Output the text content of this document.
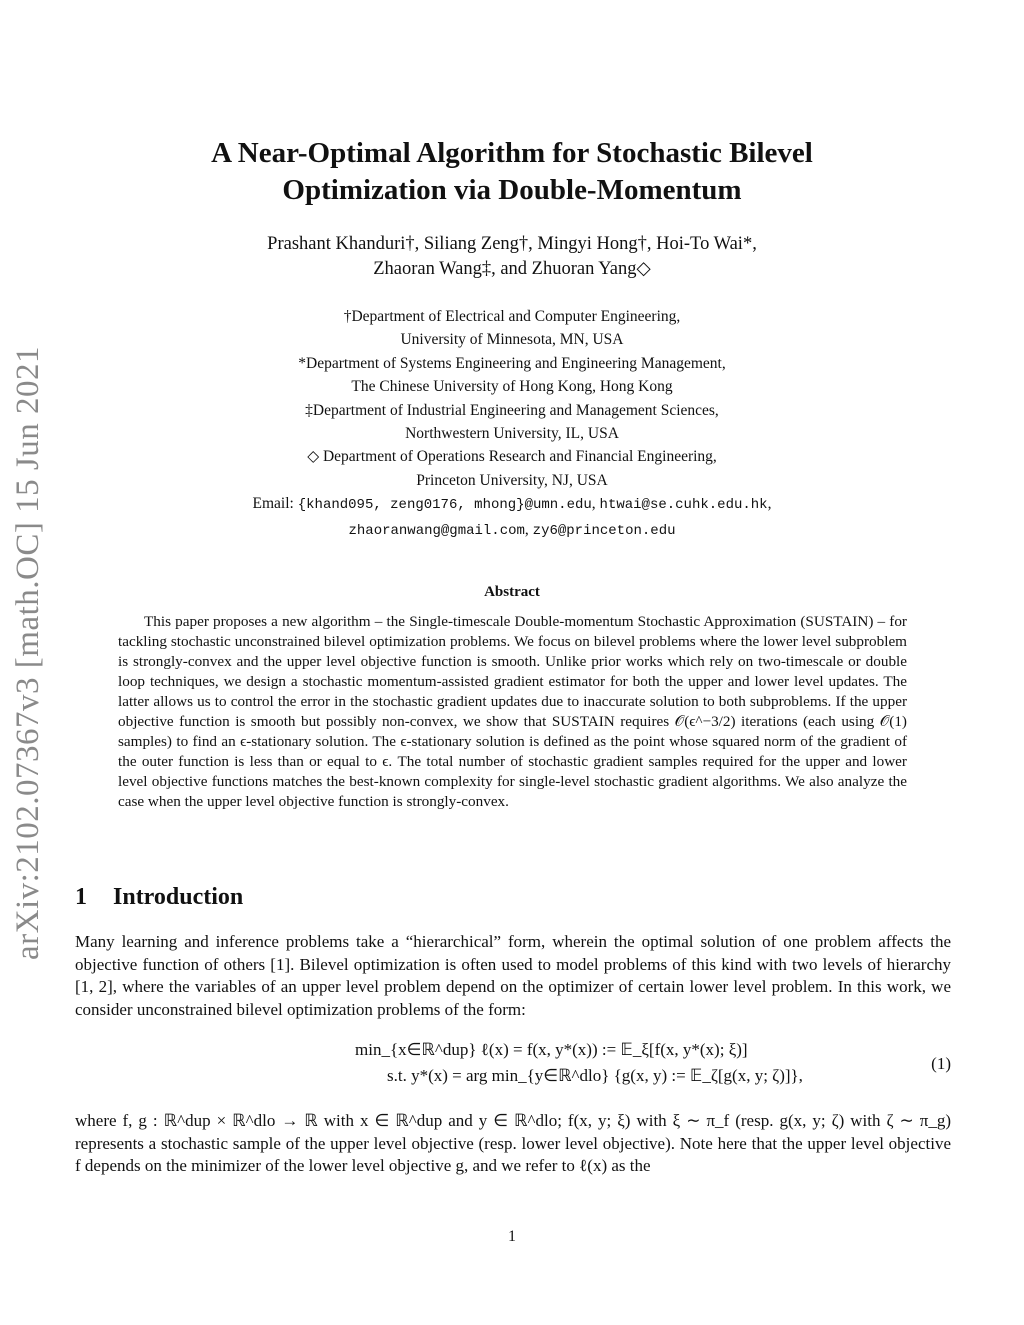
arXiv:2102.07367v3 [math.OC] 15 Jun 2021
A Near-Optimal Algorithm for Stochastic Bilevel
Optimization via Double-Momentum
Prashant Khanduri†, Siliang Zeng†, Mingyi Hong†, Hoi-To Wai*,
Zhaoran Wang‡, and Zhuoran Yang◇
†Department of Electrical and Computer Engineering,
University of Minnesota, MN, USA
*Department of Systems Engineering and Engineering Management,
The Chinese University of Hong Kong, Hong Kong
‡Department of Industrial Engineering and Management Sciences,
Northwestern University, IL, USA
◇ Department of Operations Research and Financial Engineering,
Princeton University, NJ, USA
Email: {khand095, zeng0176, mhong}@umn.edu, htwai@se.cuhk.edu.hk,
zhaoranwang@gmail.com, zy6@princeton.edu
Abstract

This paper proposes a new algorithm – the Single-timescale Double-momentum Stochastic Approximation (SUSTAIN) – for tackling stochastic unconstrained bilevel optimization problems. We focus on bilevel problems where the lower level subproblem is strongly-convex and the upper level objective function is smooth. Unlike prior works which rely on two-timescale or double loop techniques, we design a stochastic momentum-assisted gradient estimator for both the upper and lower level updates. The latter allows us to control the error in the stochastic gradient updates due to inaccurate solution to both subproblems. If the upper objective function is smooth but possibly non-convex, we show that SUSTAIN requires 𝒪(ϵ^−3/2) iterations (each using 𝒪(1) samples) to find an ϵ-stationary solution. The ϵ-stationary solution is defined as the point whose squared norm of the gradient of the outer function is less than or equal to ϵ. The total number of stochastic gradient samples required for the upper and lower level objective functions matches the best-known complexity for single-level stochastic gradient algorithms. We also analyze the case when the upper level objective function is strongly-convex.

1 Introduction

Many learning and inference problems take a “hierarchical” form, wherein the optimal solution of one problem affects the objective function of others [1]. Bilevel optimization is often used to model problems of this kind with two levels of hierarchy [1, 2], where the variables of an upper level problem depend on the optimizer of certain lower level problem. In this work, we consider unconstrained bilevel optimization problems of the form:

min_{x∈ℝ^dup} ℓ(x) = f(x, y*(x)) := 𝔼_ξ[f(x, y*(x); ξ)]
s.t. y*(x) = arg min_{y∈ℝ^dlo} {g(x, y) := 𝔼_ζ[g(x, y; ζ)]},
(1)

where f, g : ℝ^dup × ℝ^dlo → ℝ with x ∈ ℝ^dup and y ∈ ℝ^dlo; f(x, y; ξ) with ξ ∼ π_f (resp. g(x, y; ζ) with ζ ∼ π_g) represents a stochastic sample of the upper level objective (resp. lower level objective). Note here that the upper level objective f depends on the minimizer of the lower level objective g, and we refer to ℓ(x) as the

1
